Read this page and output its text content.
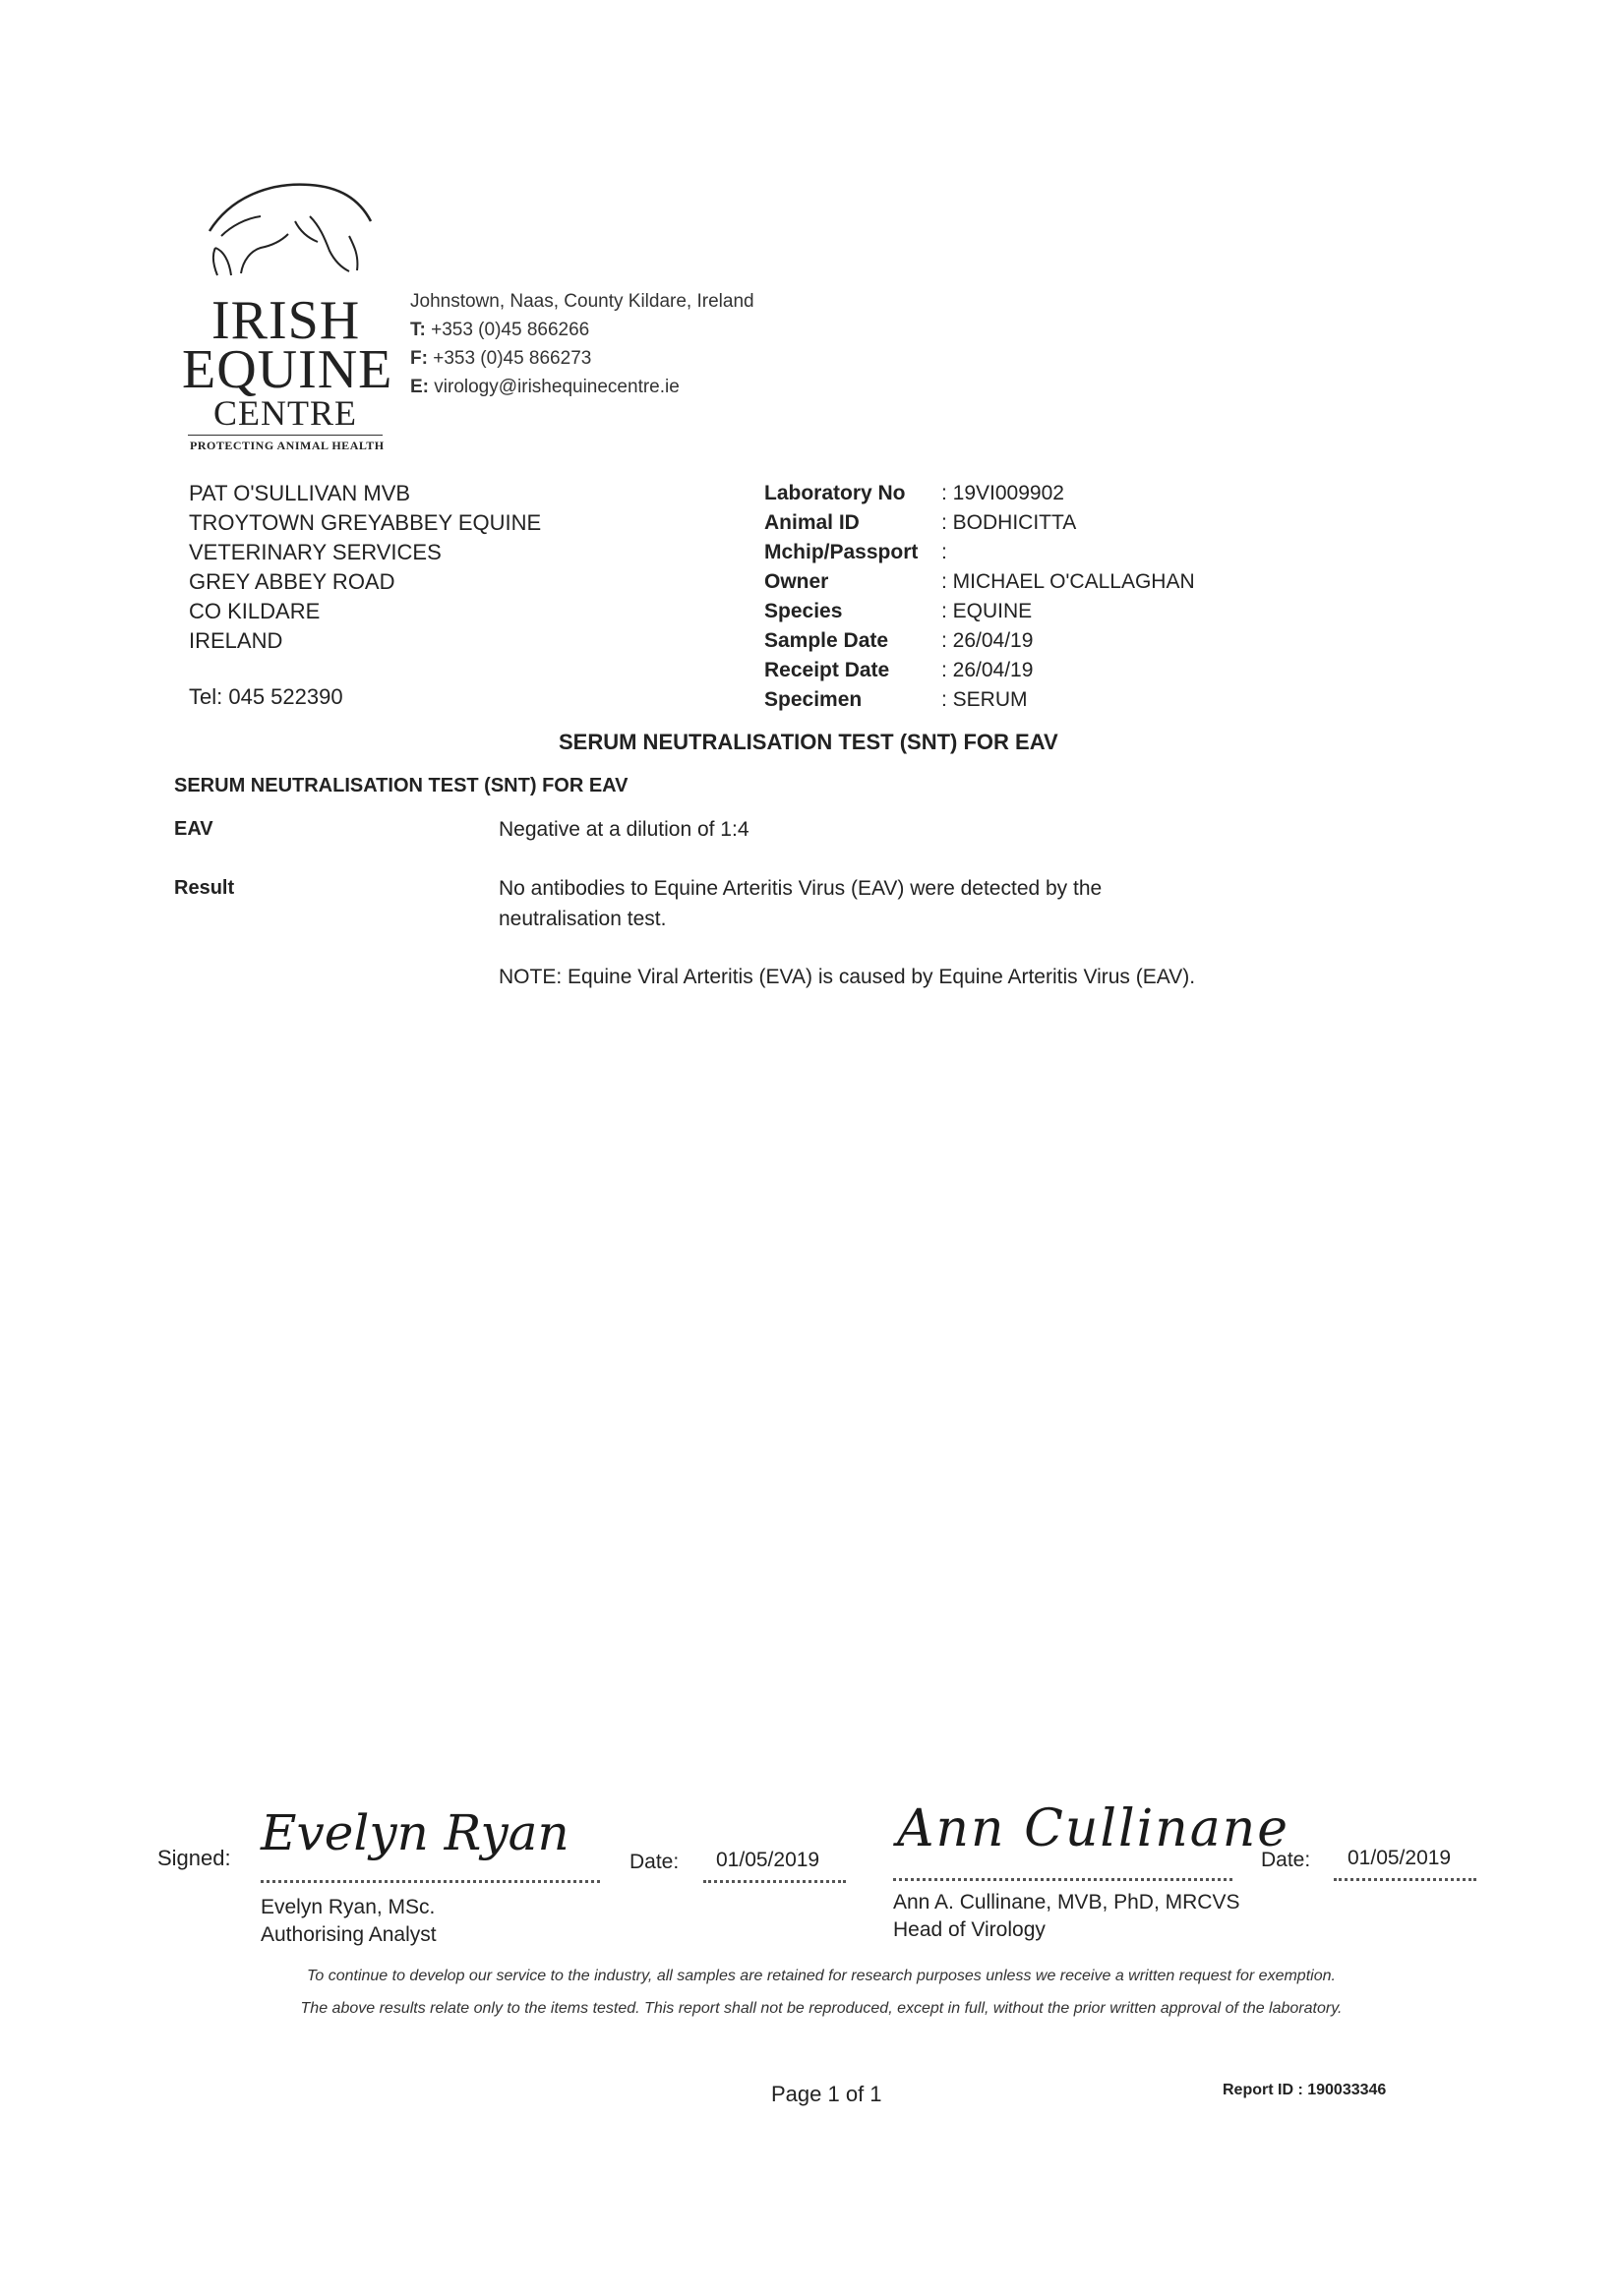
IRISH
EQUINE
CENTRE
PROTECTING ANIMAL HEALTH
Johnstown, Naas, County Kildare, Ireland
T: +353 (0)45 866266
F: +353 (0)45 866273
E: virology@irishequinecentre.ie
PAT O'SULLIVAN MVB
TROYTOWN GREYABBEY EQUINE
VETERINARY SERVICES
GREY ABBEY ROAD
CO KILDARE
IRELAND
Tel: 045 522390
Laboratory No : 19VI009902
Animal ID	: BODHICITTA
Mchip/Passport :
Owner	: MICHAEL O'CALLAGHAN
Species	: EQUINE
Sample Date	: 26/04/19
Receipt Date	: 26/04/19
Specimen	: SERUM
SERUM NEUTRALISATION TEST (SNT) FOR EAV
SERUM NEUTRALISATION TEST (SNT) FOR EAV
EAV	Negative at a dilution of 1:4
Result	No antibodies to Equine Arteritis Virus (EAV) were detected by the neutralisation test.
NOTE: Equine Viral Arteritis (EVA) is caused by Equine Arteritis Virus (EAV).
Signed: Evelyn Ryan
Evelyn Ryan, MSc.
Authorising Analyst
Date: 01/05/2019
Ann Cullinane
Ann A. Cullinane, MVB, PhD, MRCVS
Head of Virology
Date: 01/05/2019
To continue to develop our service to the industry, all samples are retained for research purposes unless we receive a written request for exemption.
The above results relate only to the items tested. This report shall not be reproduced, except in full, without the prior written approval of the laboratory.
Page 1 of 1	Report ID : 190033346
